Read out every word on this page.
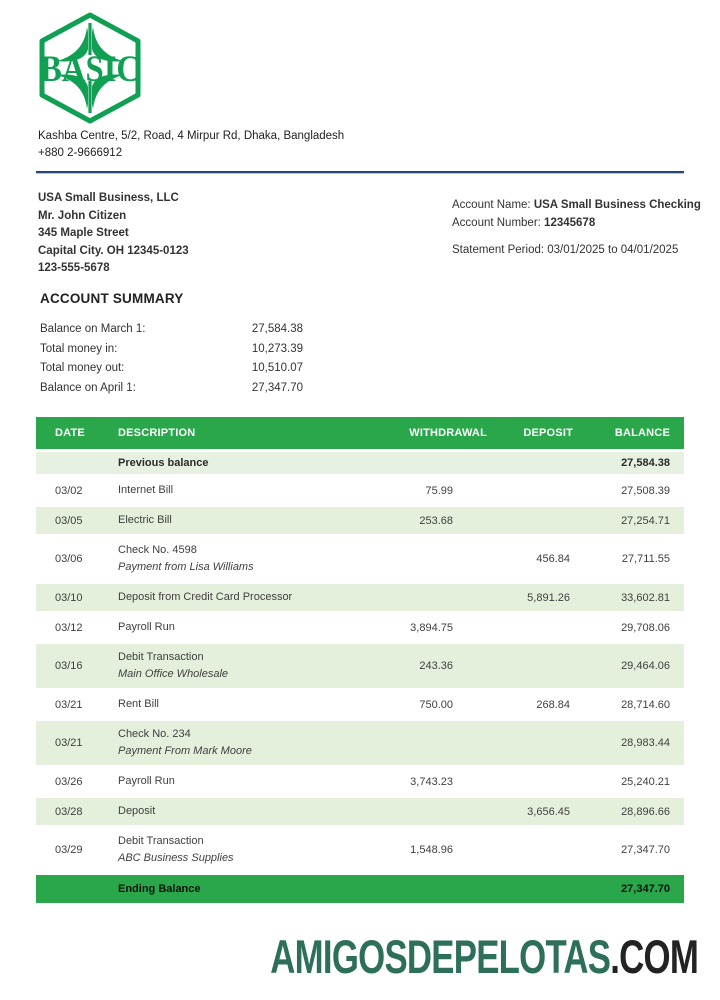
BASIC
Kashba Centre, 5/2, Road, 4 Mirpur Rd, Dhaka, Bangladesh
+880 2-9666912
USA Small Business, LLC
Mr. John Citizen
345 Maple Street
Capital City. OH 12345-0123
123-555-5678
Account Name: USA Small Business Checking
Account Number: 12345678
Statement Period: 03/01/2025 to 04/01/2025
ACCOUNT SUMMARY
Balance on March 1:	27,584.38
Total money in:	10,273.39
Total money out:	10,510.07
Balance on April 1:	27,347.70
DATE	DESCRIPTION	WITHDRAWAL	DEPOSIT	BALANCE
	Previous balance			27,584.38
03/02	Internet Bill	75.99		27,508.39
03/05	Electric Bill	253.68		27,254.71
03/06	Check No. 4598
Payment from Lisa Williams		456.84	27,711.55
03/10	Deposit from Credit Card Processor		5,891.26	33,602.81
03/12	Payroll Run	3,894.75		29,708.06
03/16	Debit Transaction
Main Office Wholesale	243.36		29,464.06
03/21	Rent Bill	750.00	268.84	28,714.60
03/21	Check No. 234
Payment From Mark Moore			28,983.44
03/26	Payroll Run	3,743.23		25,240.21
03/28	Deposit		3,656.45	28,896.66
03/29	Debit Transaction
ABC Business Supplies	1,548.96		27,347.70
	Ending Balance			27,347.70
AMIGOSDEPELOTAS.COM
